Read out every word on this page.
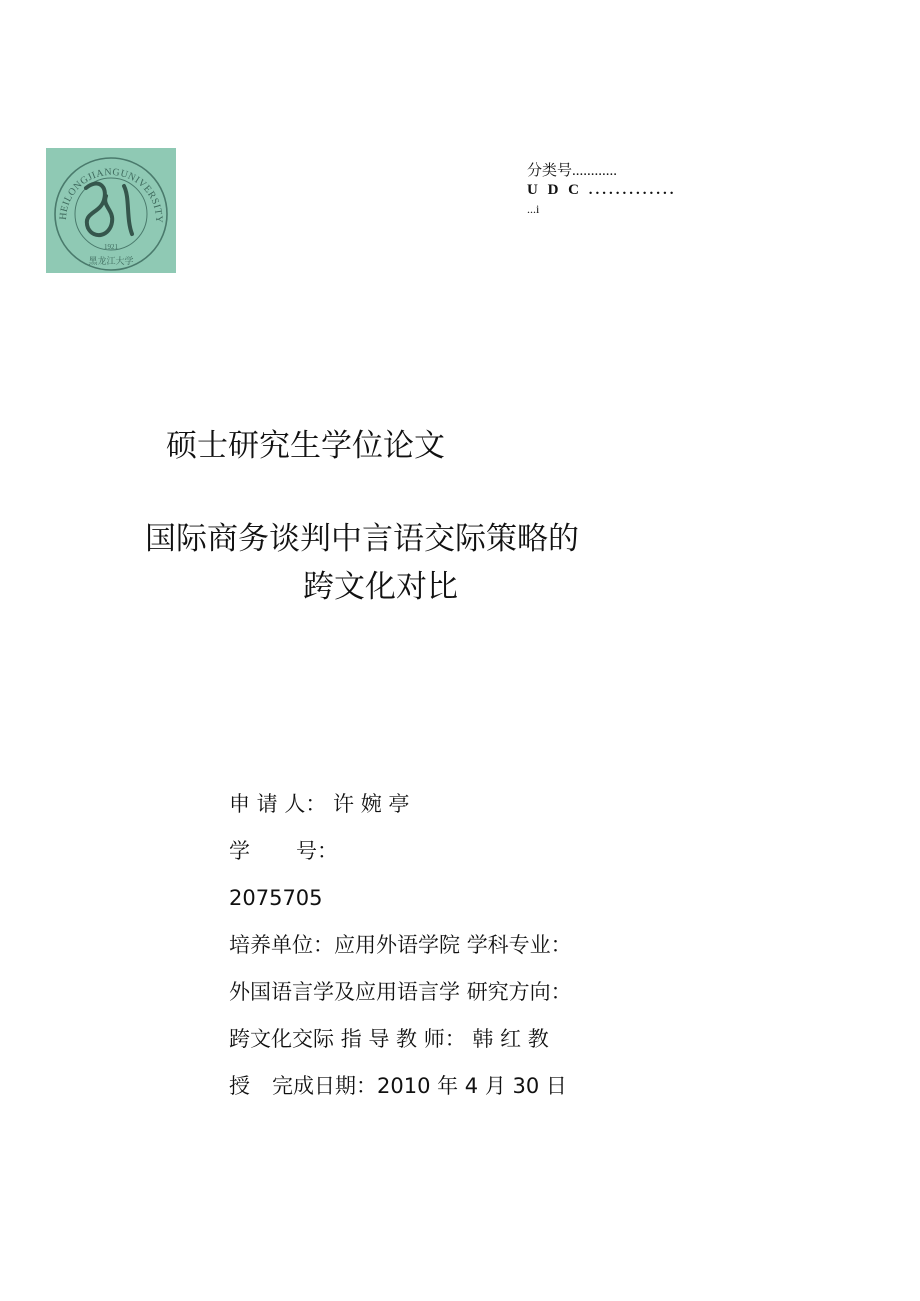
HEILONGJIANGUNIVERSITY
1921
黑龙江大学
分类号............
U D C .............
...i
硕士研究生学位论文
国际商务谈判中言语交际策略的
跨文化对比
申 请 人： 许 婉 亭
学 号：
2075705
培养单位：应用外语学院 学科专业：
外国语言学及应用语言学 研究方向：
跨文化交际 指 导 教 师： 韩 红 教
授 完成日期：2010 年 4 月 30 日
